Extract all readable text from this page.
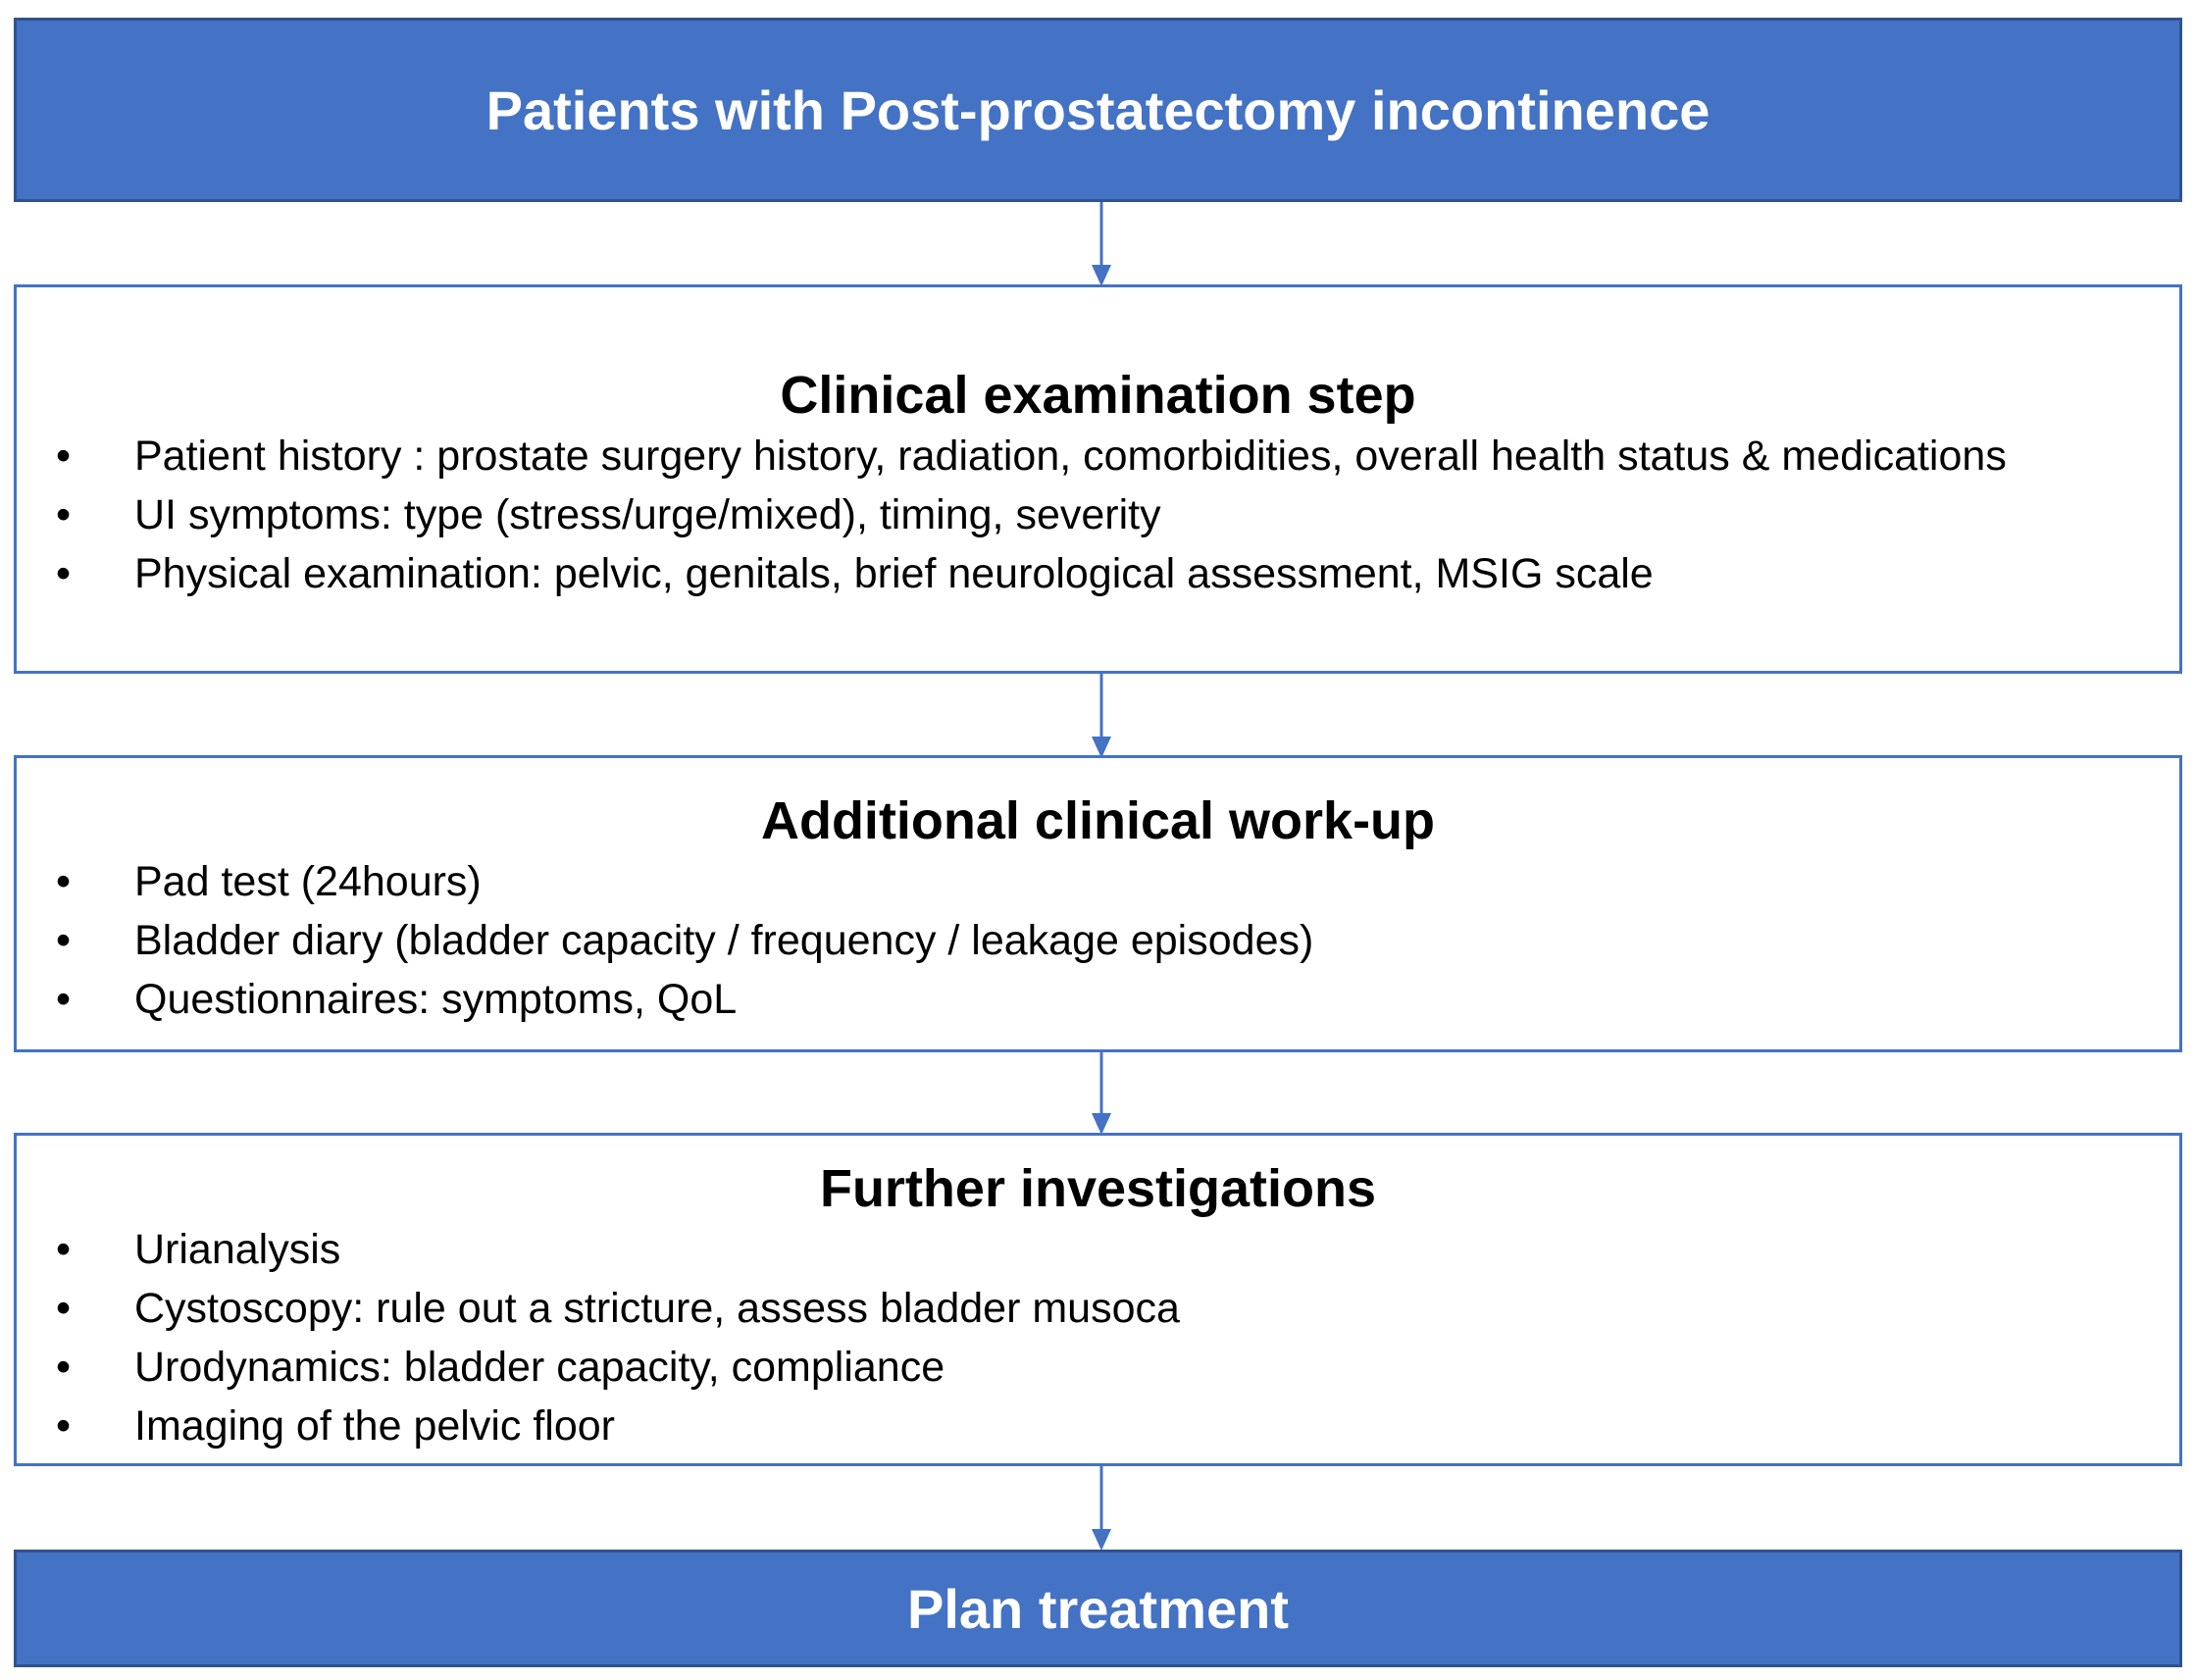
Patients with Post-prostatectomy incontinence
Clinical examination step
• Patient history : prostate surgery history, radiation, comorbidities, overall health status & medications
• UI symptoms: type (stress/urge/mixed), timing, severity
• Physical examination: pelvic, genitals, brief neurological assessment, MSIG scale
Additional clinical work-up
• Pad test (24hours)
• Bladder diary (bladder capacity / frequency / leakage episodes)
• Questionnaires: symptoms, QoL
Further investigations
• Urianalysis
• Cystoscopy: rule out a stricture, assess bladder musoca
• Urodynamics: bladder capacity, compliance
• Imaging of the pelvic floor
Plan treatment
